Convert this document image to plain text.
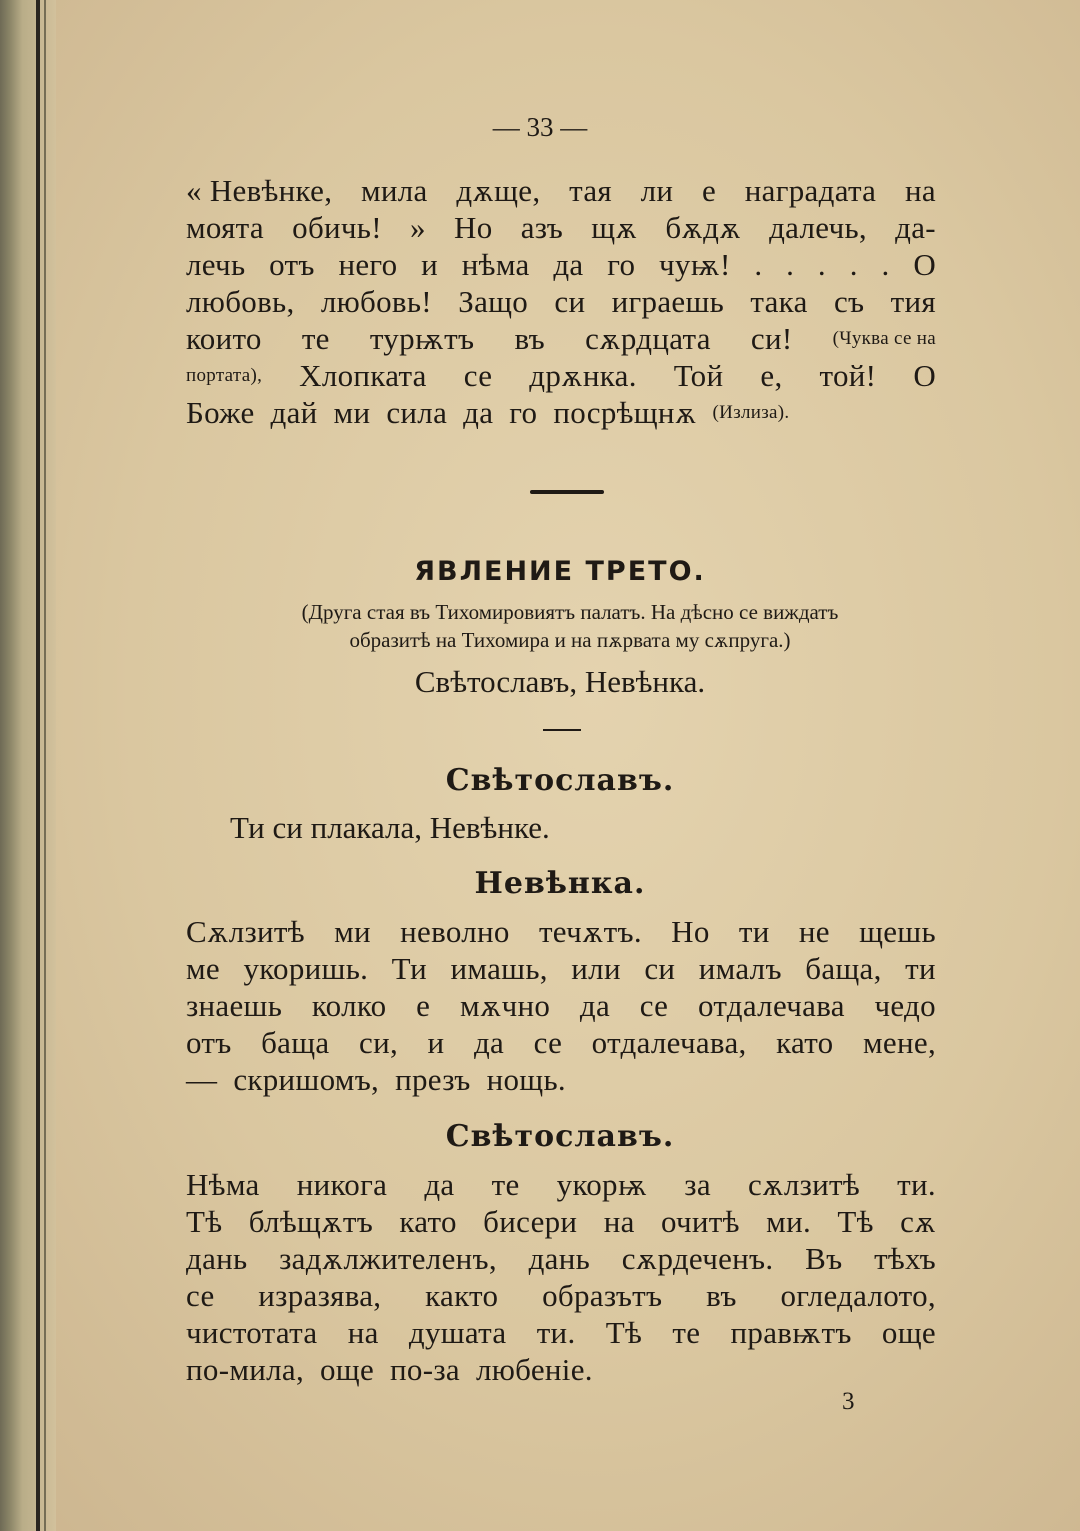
— 33 —
« Невѣнке, мила дѫще, тая ли е наградата на
моята обичь! » Но азъ щѫ бѫдѫ далечь, да-
лечь отъ него и нѣма да го чуѭ! . . . . . О
любовь, любовь! Защо си играешь така съ тия
които те турѭтъ въ сѫрдцата си! (Чуква се на
портата), Хлопката се дрѫнка. Той е, той! О
Боже дай ми сила да го посрѣщнѫ (Излиза).
ЯВЛЕНИЕ ТРЕТО.
(Друга стая въ Тихомировиятъ палатъ. На дѣсно се виждатъ
образитѣ на Тихомира и на пѫрвата му сѫпруга.)
Свѣтославъ, Невѣнка.
Свѣтославъ.
Ти си плакала, Невѣнке.
Невѣнка.
Сѫлзитѣ ми неволно течѫтъ. Но ти не щешь
ме укоришь. Ти имашь, или си ималъ баща, ти
знаешь колко е мѫчно да се отдалечава чедо
отъ баща си, и да се отдалечава, като мене,
— скришомъ, презъ нощь.
Свѣтославъ.
Нѣма никога да те укорѭ за сѫлзитѣ ти.
Тѣ блѣщѫтъ като бисери на очитѣ ми. Тѣ сѫ
дань задѫлжителенъ, дань сѫрдеченъ. Въ тѣхъ
се изразява, както образътъ въ огледалото,
чистотата на душата ти. Тѣ те правѭтъ още
по-мила, още по-за любеніе.
3
